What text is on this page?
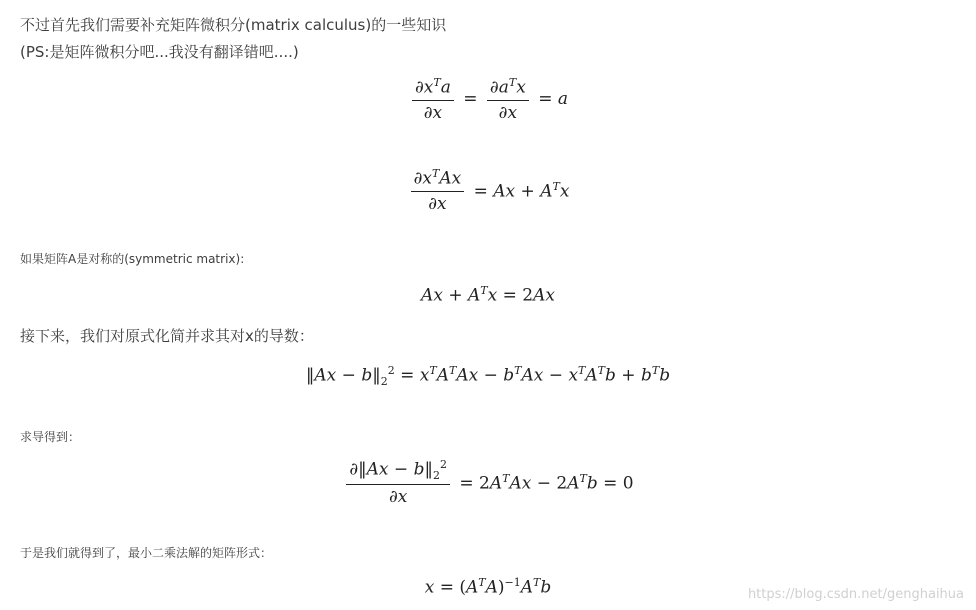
不过首先我们需要补充矩阵微积分(matrix calculus)的一些知识
(PS:是矩阵微积分吧...我没有翻译错吧....)
$\frac{\partial x^Ta}{\partial x} = \frac{\partial a^Tx}{\partial x} = a$
$\frac{\partial x^TAx}{\partial x} = Ax + A^Tx$
如果矩阵A是对称的(symmetric matrix):
$Ax + A^Tx = 2Ax$
接下来，我们对原式化简并求其对x的导数：
‖Ax − $b‖_2^2 = x^TA^TAx - b^TAx - x^TA^Tb + b^Tb$
求导得到：
$\frac{\partial‖Ax - b‖_2^2}{\partial x} = 2A^TAx - 2A^Tb = 0$
于是我们就得到了，最小二乘法解的矩阵形式：
$x = (A^TA)^{-1}A^Tb$	https://blog.csdn.net/genghaihua
